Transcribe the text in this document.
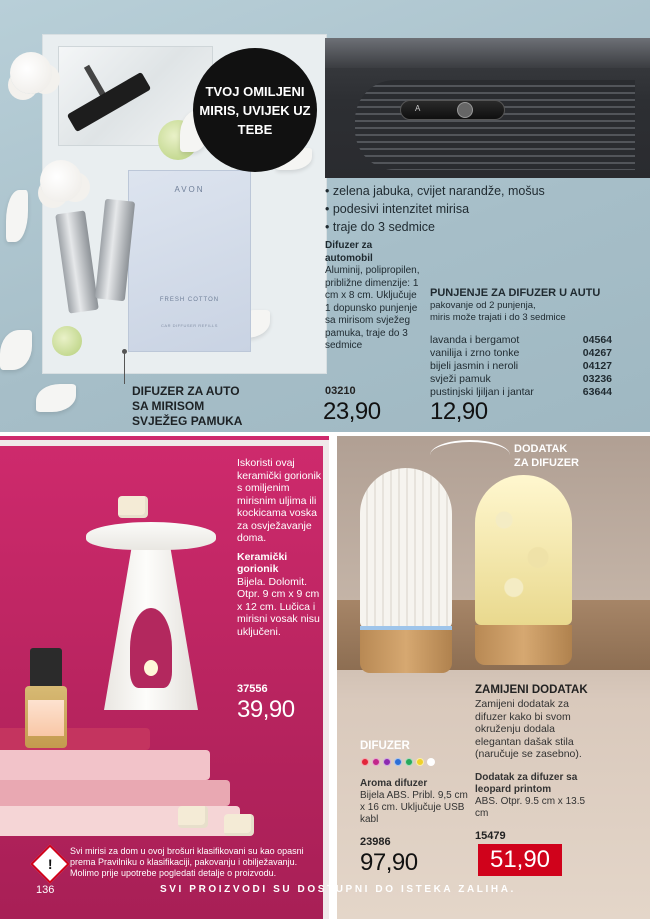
AVON
FRESH COTTON
CAR DIFFUSER REFILLS
TVOJ OMILJENI MIRIS, UVIJEK UZ TEBE
A
• zelena jabuka, cvijet narandže, mošus
• podesivi intenzitet mirisa
• traje do 3 sedmice
Difuzer za automobil
Aluminij, polipropilen, približne dimenzije: 1 cm x 8 cm. Uključuje 1 dopunsko punjenje sa mirisom svježeg pamuka, traje do 3 sedmice
03210
23,90
PUNJENJE ZA DIFUZER U AUTU
pakovanje od 2 punjenja,
miris može trajati i do 3 sedmice
lavanda i bergamot	04564
vanilija i zrno tonke	04267
bijeli jasmin i neroli	04127
svježi pamuk	03236
pustinjski ljiljan i jantar	63644
12,90
DIFUZER ZA AUTO
SA MIRISOM
SVJEŽEG PAMUKA
Iskoristi ovaj keramički gorionik s omiljenim mirisnim uljima ili kockicama voska za osvježavanje doma.
Keramički gorionik
Bijela. Dolomit. Otpr. 9 cm x 9 cm x 12 cm. Lučica i mirisni vosak nisu uključeni.
37556
39,90
!
Svi mirisi za dom u ovoj brošuri klasifikovani su kao opasni prema Pravilniku o klasifikaciji, pakovanju i obilježavanju. Molimo prije upotrebe pogledati detalje o proizvodu.
136
DODATAK
ZA DIFUZER
DIFUZER
Aroma difuzer
Bijela ABS. Pribl. 9,5 cm x 16 cm. Uključuje USB kabl
23986
97,90
ZAMIJENI DODATAK
Zamijeni dodatak za difuzer kako bi svom okruženju dodala elegantan dašak stila (naručuje se zasebno).
Dodatak za difuzer sa leopard printom
ABS. Otpr. 9.5 cm x 13.5 cm
15479
51,90
SVI PROIZVODI SU DOSTUPNI DO ISTEKA ZALIHA.
